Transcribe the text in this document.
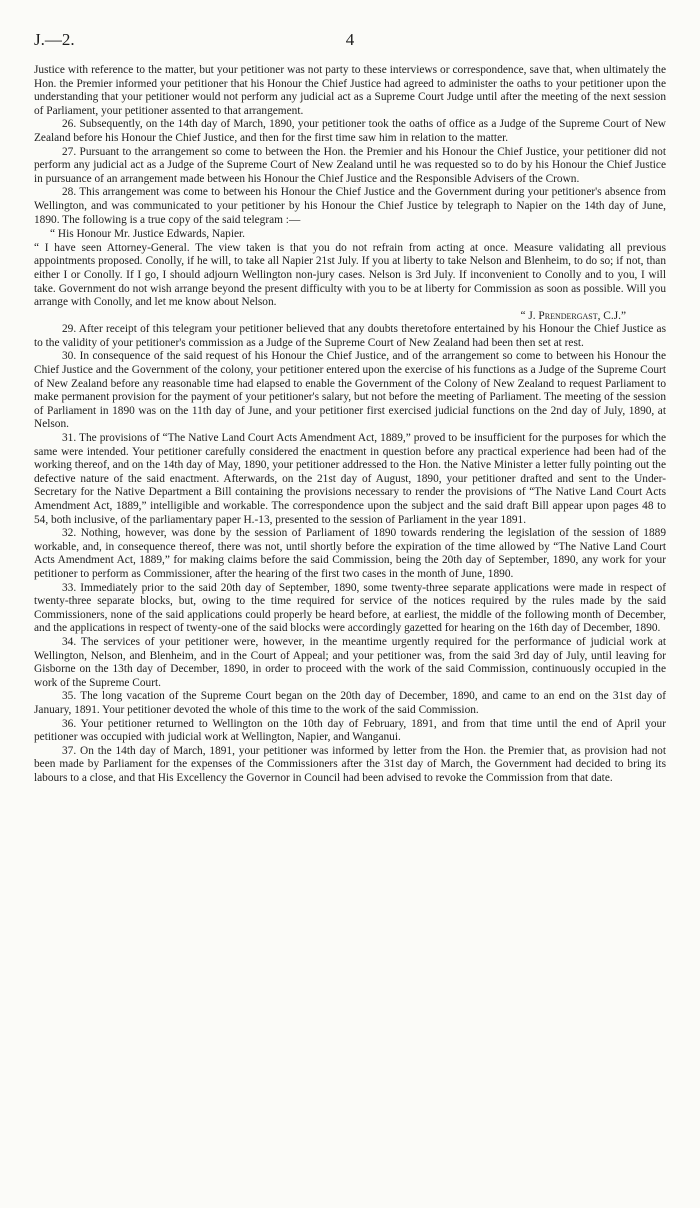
J.—2.	4

Justice with reference to the matter, but your petitioner was not party to these interviews or correspondence, save that, when ultimately the Hon. the Premier informed your petitioner that his Honour the Chief Justice had agreed to administer the oaths to your petitioner upon the understanding that your petitioner would not perform any judicial act as a Supreme Court Judge until after the meeting of the next session of Parliament, your petitioner assented to that arrangement.

26. Subsequently, on the 14th day of March, 1890, your petitioner took the oaths of office as a Judge of the Supreme Court of New Zealand before his Honour the Chief Justice, and then for the first time saw him in relation to the matter.

27. Pursuant to the arrangement so come to between the Hon. the Premier and his Honour the Chief Justice, your petitioner did not perform any judicial act as a Judge of the Supreme Court of New Zealand until he was requested so to do by his Honour the Chief Justice in pursuance of an arrangement made between his Honour the Chief Justice and the Responsible Advisers of the Crown.

28. This arrangement was come to between his Honour the Chief Justice and the Government during your petitioner's absence from Wellington, and was communicated to your petitioner by his Honour the Chief Justice by telegraph to Napier on the 14th day of June, 1890. The following is a true copy of the said telegram :—

“ His Honour Mr. Justice Edwards, Napier.

“ I have seen Attorney-General. The view taken is that you do not refrain from acting at once. Measure validating all previous appointments proposed. Conolly, if he will, to take all Napier 21st July. If you at liberty to take Nelson and Blenheim, to do so; if not, than either I or Conolly. If I go, I should adjourn Wellington non-jury cases. Nelson is 3rd July. If inconvenient to Conolly and to you, I will take. Government do not wish arrange beyond the present difficulty with you to be at liberty for Commission as soon as possible. Will you arrange with Conolly, and let me know about Nelson.

“ J. Prendergast, C.J.”

29. After receipt of this telegram your petitioner believed that any doubts theretofore entertained by his Honour the Chief Justice as to the validity of your petitioner's commission as a Judge of the Supreme Court of New Zealand had been then set at rest.

30. In consequence of the said request of his Honour the Chief Justice, and of the arrangement so come to between his Honour the Chief Justice and the Government of the colony, your petitioner entered upon the exercise of his functions as a Judge of the Supreme Court of New Zealand before any reasonable time had elapsed to enable the Government of the Colony of New Zealand to request Parliament to make permanent provision for the payment of your petitioner's salary, but not before the meeting of Parliament. The meeting of the session of Parliament in 1890 was on the 11th day of June, and your petitioner first exercised judicial functions on the 2nd day of July, 1890, at Nelson.

31. The provisions of “The Native Land Court Acts Amendment Act, 1889,” proved to be insufficient for the purposes for which the same were intended. Your petitioner carefully considered the enactment in question before any practical experience had been had of the working thereof, and on the 14th day of May, 1890, your petitioner addressed to the Hon. the Native Minister a letter fully pointing out the defective nature of the said enactment. Afterwards, on the 21st day of August, 1890, your petitioner drafted and sent to the Under-Secretary for the Native Department a Bill containing the provisions necessary to render the provisions of “The Native Land Court Acts Amendment Act, 1889,” intelligible and workable. The correspondence upon the subject and the said draft Bill appear upon pages 48 to 54, both inclusive, of the parliamentary paper H.-13, presented to the session of Parliament in the year 1891.

32. Nothing, however, was done by the session of Parliament of 1890 towards rendering the legislation of the session of 1889 workable, and, in consequence thereof, there was not, until shortly before the expiration of the time allowed by “The Native Land Court Acts Amendment Act, 1889,” for making claims before the said Commission, being the 20th day of September, 1890, any work for your petitioner to perform as Commissioner, after the hearing of the first two cases in the month of June, 1890.

33. Immediately prior to the said 20th day of September, 1890, some twenty-three separate applications were made in respect of twenty-three separate blocks, but, owing to the time required for service of the notices required by the rules made by the said Commissioners, none of the said applications could properly be heard before, at earliest, the middle of the following month of December, and the applications in respect of twenty-one of the said blocks were accordingly gazetted for hearing on the 16th day of December, 1890.

34. The services of your petitioner were, however, in the meantime urgently required for the performance of judicial work at Wellington, Nelson, and Blenheim, and in the Court of Appeal; and your petitioner was, from the said 3rd day of July, until leaving for Gisborne on the 13th day of December, 1890, in order to proceed with the work of the said Commission, continuously occupied in the work of the Supreme Court.

35. The long vacation of the Supreme Court began on the 20th day of December, 1890, and came to an end on the 31st day of January, 1891. Your petitioner devoted the whole of this time to the work of the said Commission.

36. Your petitioner returned to Wellington on the 10th day of February, 1891, and from that time until the end of April your petitioner was occupied with judicial work at Wellington, Napier, and Wanganui.

37. On the 14th day of March, 1891, your petitioner was informed by letter from the Hon. the Premier that, as provision had not been made by Parliament for the expenses of the Commissioners after the 31st day of March, the Government had decided to bring its labours to a close, and that His Excellency the Governor in Council had been advised to revoke the Commission from that date.
